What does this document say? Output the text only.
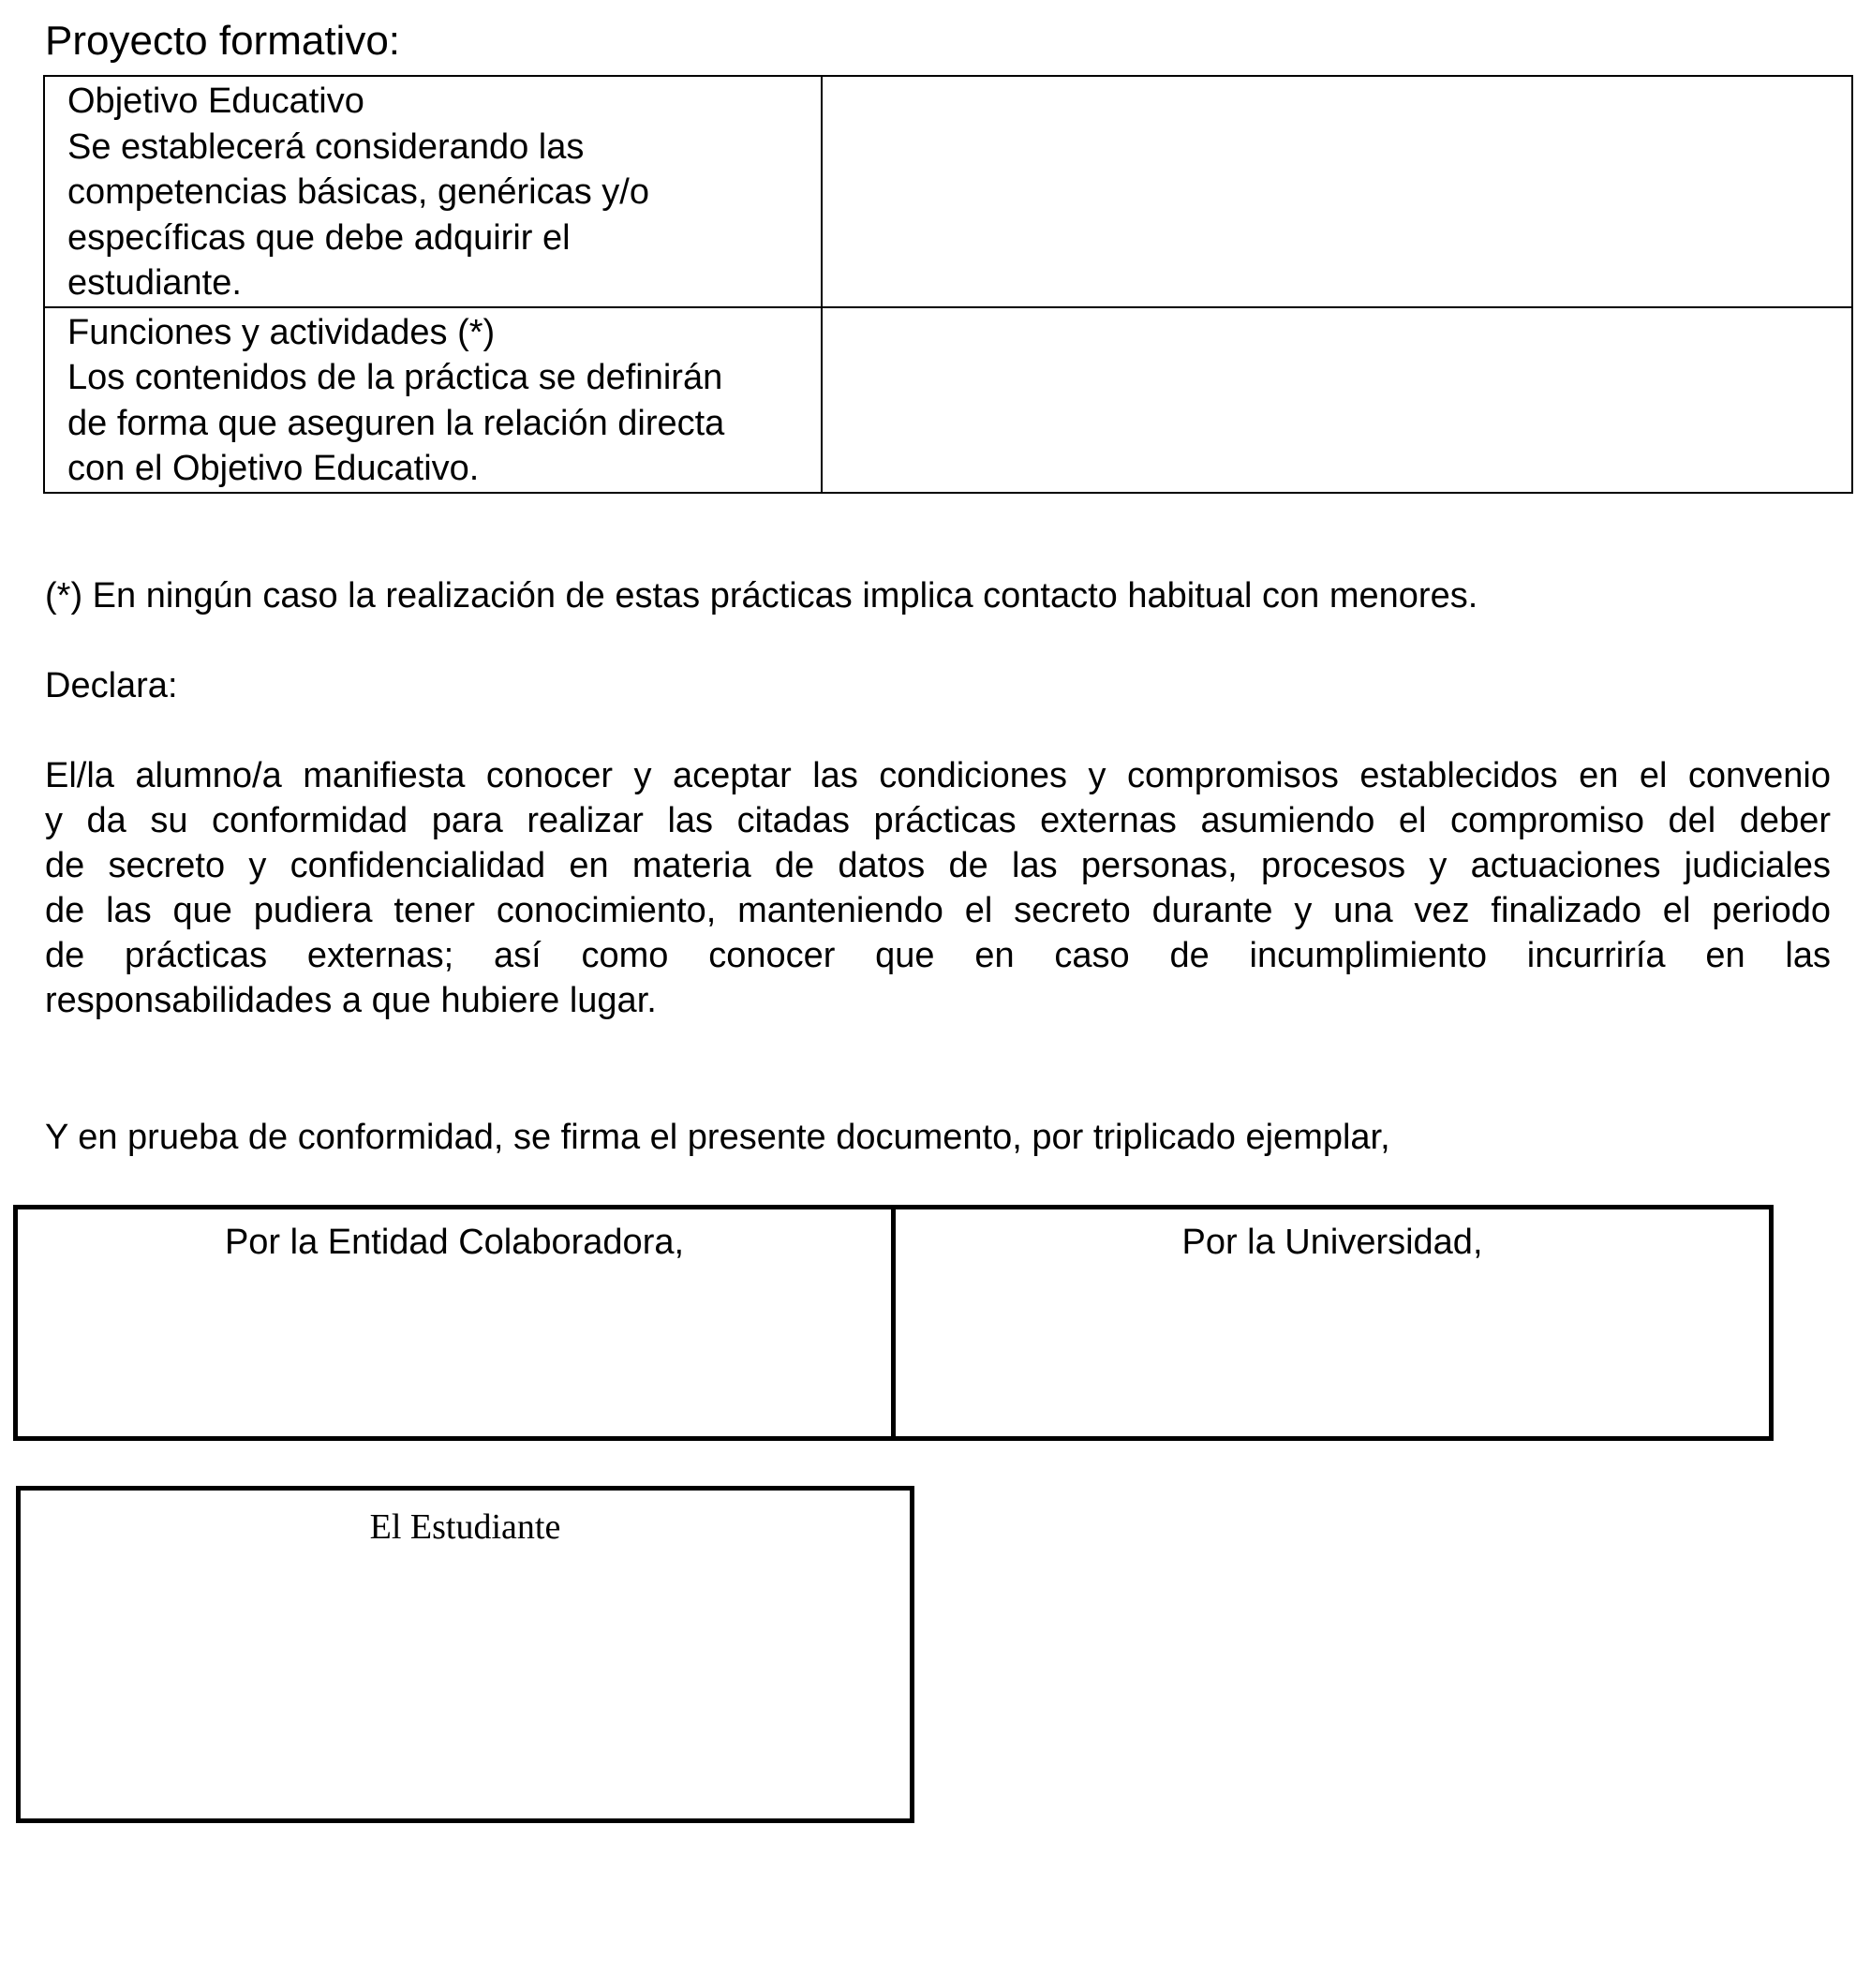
Proyecto formativo:
Objetivo Educativo
Se establecerá considerando las
competencias básicas, genéricas y/o
específicas que debe adquirir el
estudiante.	

Funciones y actividades (*)
Los contenidos de la práctica se definirán
de forma que aseguren la relación directa
con el Objetivo Educativo.	

(*) En ningún caso la realización de estas prácticas implica contacto habitual con menores.
Declara:
El/la alumno/a manifiesta conocer y aceptar las condiciones y compromisos establecidos en el convenio
y da su conformidad para realizar las citadas prácticas externas asumiendo el compromiso del deber
de secreto y confidencialidad en materia de datos de las personas, procesos y actuaciones judiciales
de las que pudiera tener conocimiento, manteniendo el secreto durante y una vez finalizado el periodo
de prácticas externas; así como conocer que en caso de incumplimiento incurriría en las
responsabilidades a que hubiere lugar.
Y en prueba de conformidad, se firma el presente documento, por triplicado ejemplar,
Por la Entidad Colaboradora,	Por la Universidad,
El Estudiante
